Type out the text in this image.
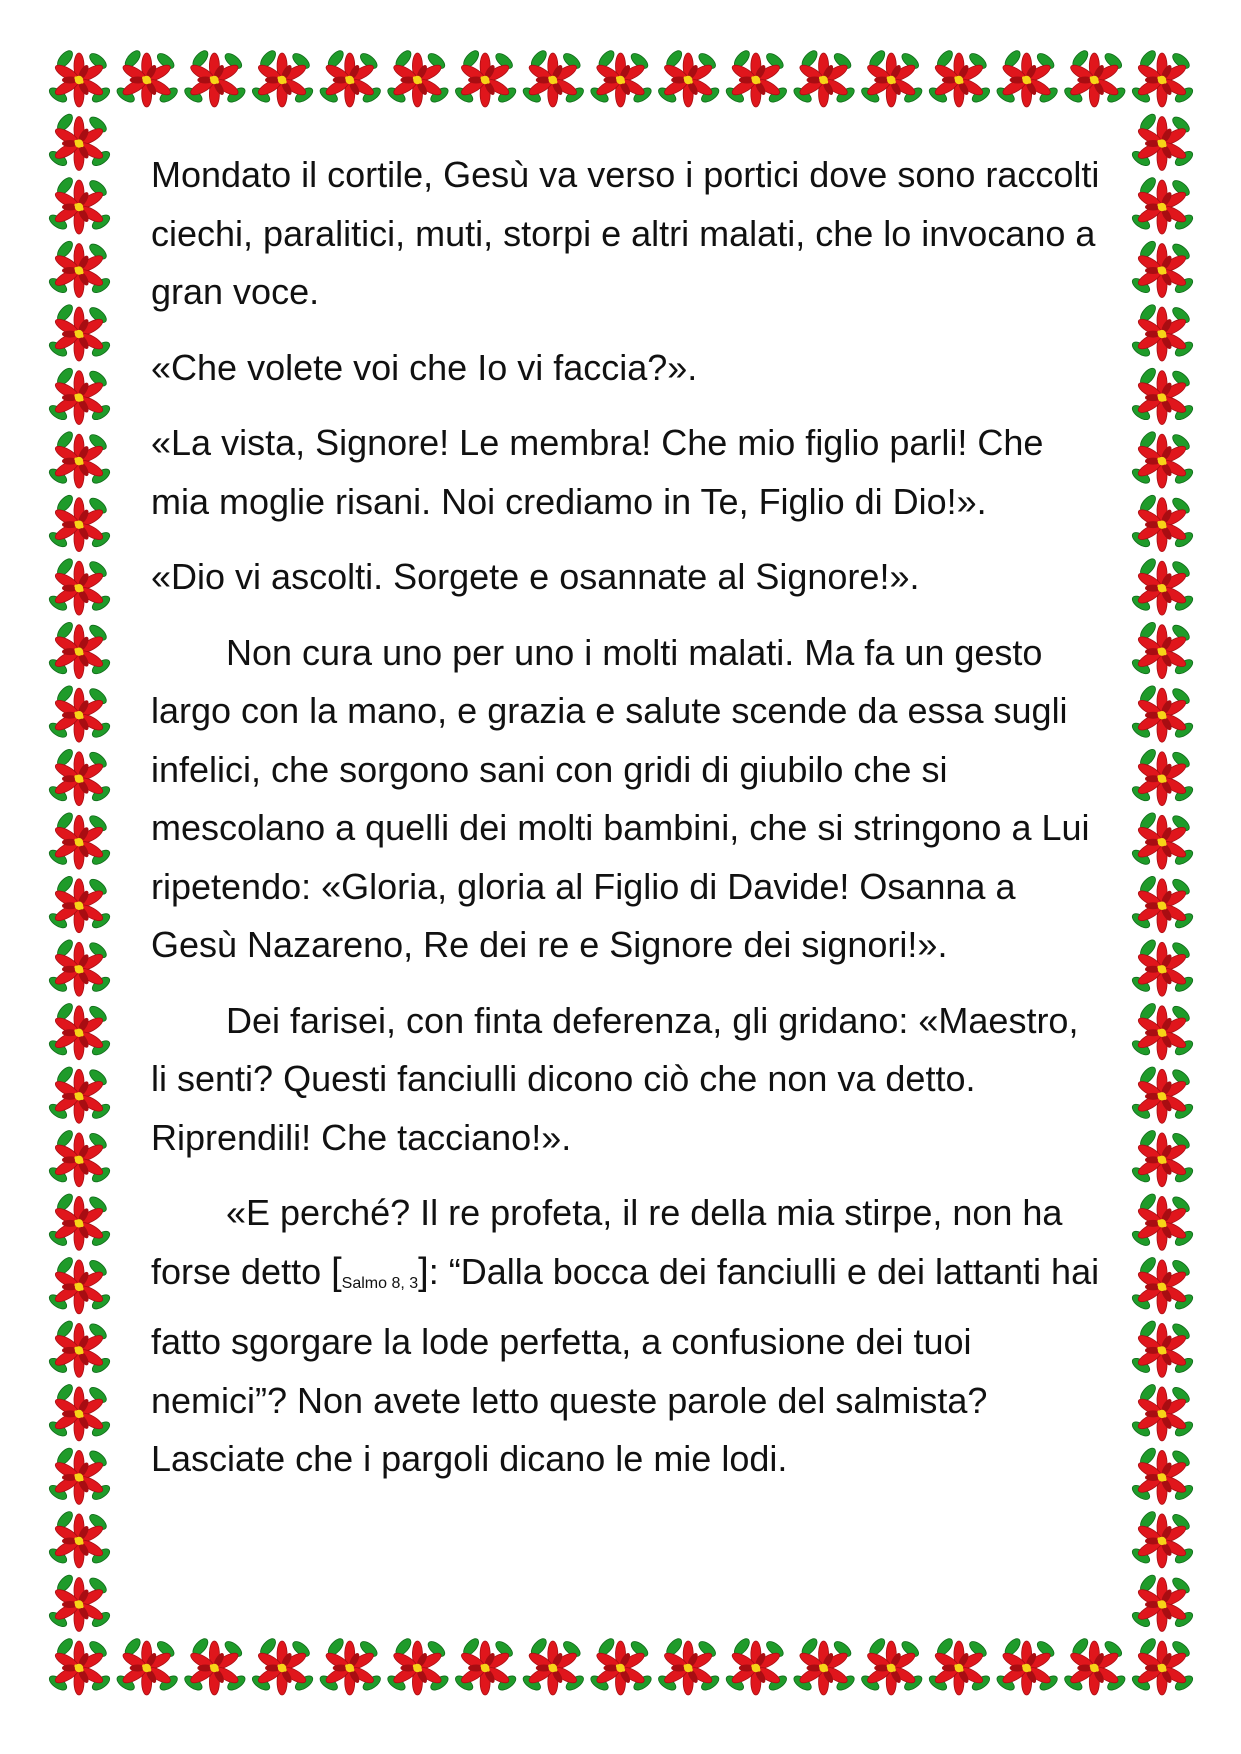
Mondato il cortile, Gesù va verso i portici dove sono raccolti ciechi, paralitici, muti, storpi e altri malati, che lo invocano a gran voce.

«Che volete voi che Io vi faccia?».

«La vista, Signore! Le membra! Che mio figlio parli! Che mia moglie risani. Noi crediamo in Te, Figlio di Dio!».

«Dio vi ascolti. Sorgete e osannate al Signore!».

Non cura uno per uno i molti malati. Ma fa un gesto largo con la mano, e grazia e salute scende da essa sugli infelici, che sorgono sani con gridi di giubilo che si mescolano a quelli dei molti bambini, che si stringono a Lui ripetendo: «Gloria, gloria al Figlio di Davide! Osanna a Gesù Nazareno, Re dei re e Signore dei signori!».

Dei farisei, con finta deferenza, gli gridano: «Maestro, li senti? Questi fanciulli dicono ciò che non va detto. Riprendili! Che tacciano!».

«E perché? Il re profeta, il re della mia stirpe, non ha forse detto [Salmo 8, 3]: “Dalla bocca dei fanciulli e dei lattanti hai fatto sgorgare la lode perfetta, a confusione dei tuoi nemici”? Non avete letto queste parole del salmista? Lasciate che i pargoli dicano le mie lodi.
